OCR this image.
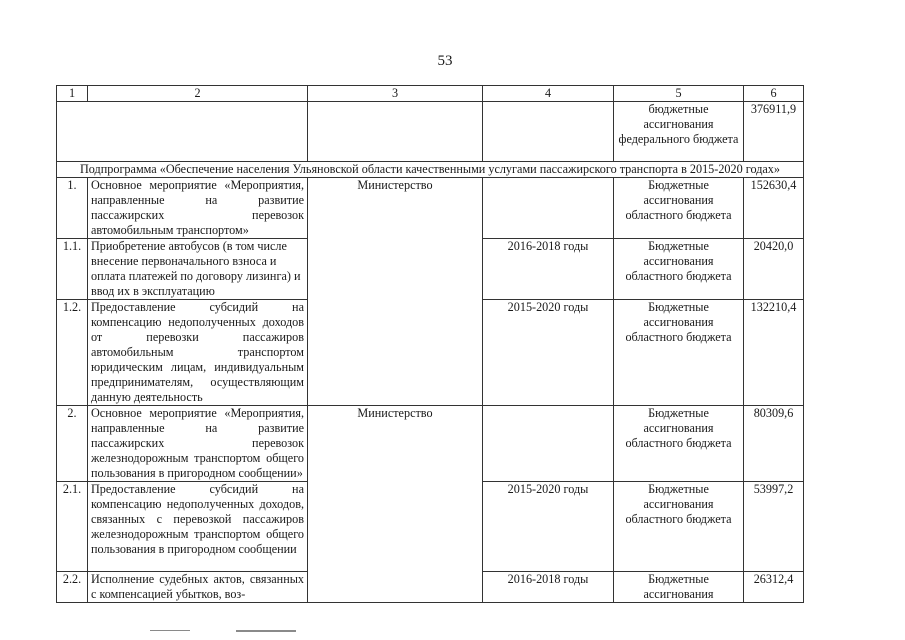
53
1	2	3	4	5	6
				бюджетные ассигнования федерального бюджета	376911,9
Подпрограмма «Обеспечение населения Ульяновской области качественными услугами пассажирского транспорта в 2015-2020 годах»					
1.	Основное мероприятие «Мероприятия, направленные на развитие пассажирских перевозок автомобильным транспортом»	Министерство		Бюджетные ассигнования областного бюджета	152630,4
1.1.	Приобретение автобусов (в том числе внесение первоначального взноса и оплата платежей по договору лизинга) и ввод их в эксплуатацию		2016-2018 годы	Бюджетные ассигнования областного бюджета	20420,0
1.2.	Предоставление субсидий на компенсацию недополученных доходов от перевозки пассажиров автомобильным транспортом юридическим лицам, индивидуальным предпринимателям, осуществляющим данную деятельность		2015-2020 годы	Бюджетные ассигнования областного бюджета	132210,4
2.	Основное мероприятие «Мероприятия, направленные на развитие пассажирских перевозок железнодорожным транспортом общего пользования в пригородном сообщении»	Министерство		Бюджетные ассигнования областного бюджета	80309,6
2.1.	Предоставление субсидий на компенсацию недополученных доходов, связанных с перевозкой пассажиров железнодорожным транспортом общего пользования в пригородном сообщении		2015-2020 годы	Бюджетные ассигнования областного бюджета	53997,2
2.2.	Исполнение судебных актов, связанных с компенсацией убытков, воз-		2016-2018 годы	Бюджетные ассигнования	26312,4
